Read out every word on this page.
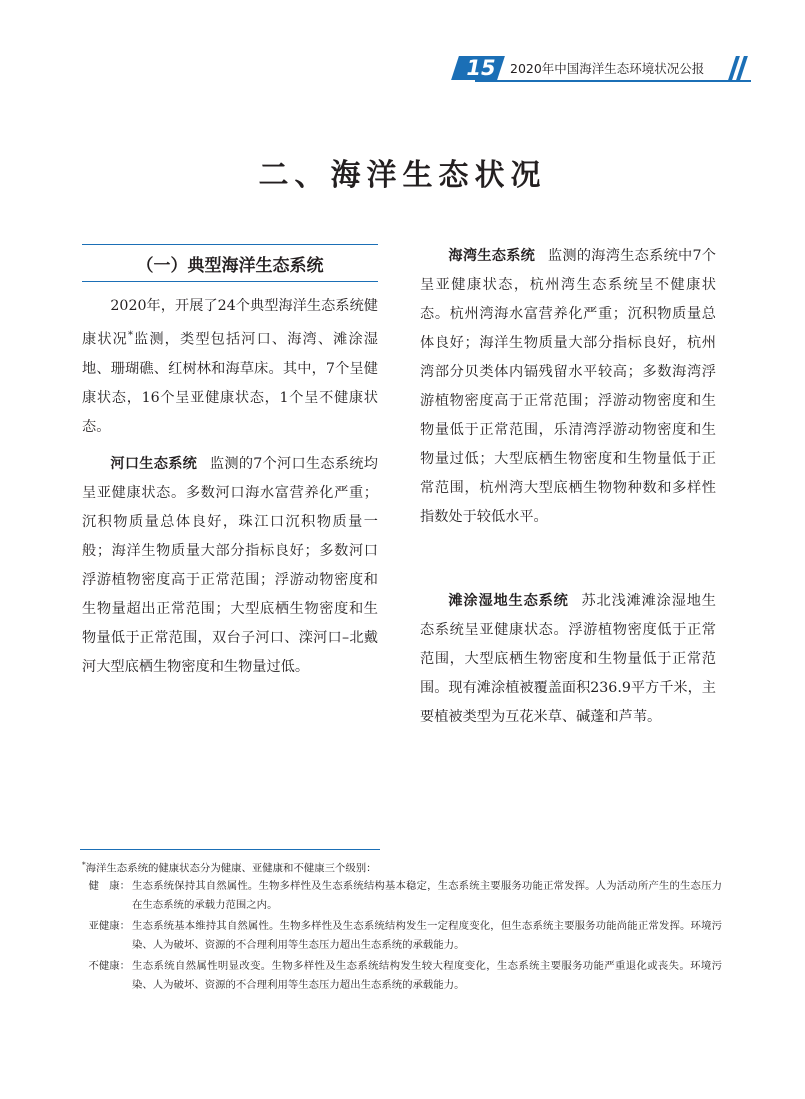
15	2020年中国海洋生态环境状况公报
二、海洋生态状况
（一）典型海洋生态系统

2020年，开展了24个典型海洋生态系统健康状况*监测，类型包括河口、海湾、滩涂湿地、珊瑚礁、红树林和海草床。其中，7个呈健康状态，16个呈亚健康状态，1个呈不健康状态。

河口生态系统 监测的7个河口生态系统均呈亚健康状态。多数河口海水富营养化严重；沉积物质量总体良好，珠江口沉积物质量一般；海洋生物质量大部分指标良好；多数河口浮游植物密度高于正常范围；浮游动物密度和生物量超出正常范围；大型底栖生物密度和生物量低于正常范围，双台子河口、滦河口–北戴河大型底栖生物密度和生物量过低。

海湾生态系统 监测的海湾生态系统中7个呈亚健康状态，杭州湾生态系统呈不健康状态。杭州湾海水富营养化严重；沉积物质量总体良好；海洋生物质量大部分指标良好，杭州湾部分贝类体内镉残留水平较高；多数海湾浮游植物密度高于正常范围；浮游动物密度和生物量低于正常范围，乐清湾浮游动物密度和生物量过低；大型底栖生物密度和生物量低于正常范围，杭州湾大型底栖生物物种数和多样性指数处于较低水平。

滩涂湿地生态系统 苏北浅滩滩涂湿地生态系统呈亚健康状态。浮游植物密度低于正常范围，大型底栖生物密度和生物量低于正常范围。现有滩涂植被覆盖面积236.9平方千米，主要植被类型为互花米草、碱蓬和芦苇。

*海洋生态系统的健康状态分为健康、亚健康和不健康三个级别：
健　康： 生态系统保持其自然属性。生物多样性及生态系统结构基本稳定，生态系统主要服务功能正常发挥。人为活动所产生的生态压力在生态系统的承载力范围之内。
亚健康： 生态系统基本维持其自然属性。生物多样性及生态系统结构发生一定程度变化，但生态系统主要服务功能尚能正常发挥。环境污染、人为破坏、资源的不合理利用等生态压力超出生态系统的承载能力。
不健康： 生态系统自然属性明显改变。生物多样性及生态系统结构发生较大程度变化，生态系统主要服务功能严重退化或丧失。环境污染、人为破坏、资源的不合理利用等生态压力超出生态系统的承载能力。
